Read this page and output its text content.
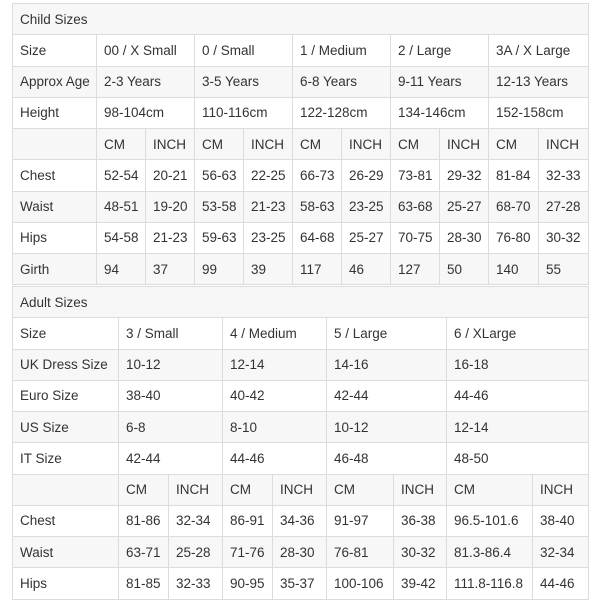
Child Sizes										
Size	00 / X Small		0 / Small		1 / Medium		2 / Large		3A / X Large	
Approx Age	2-3 Years		3-5 Years		6-8 Years		9-11 Years		12-13 Years	
Height	98-104cm		110-116cm		122-128cm		134-146cm		152-158cm	
	CM	INCH	CM	INCH	CM	INCH	CM	INCH	CM	INCH
Chest	52-54	20-21	56-63	22-25	66-73	26-29	73-81	29-32	81-84	32-33
Waist	48-51	19-20	53-58	21-23	58-63	23-25	63-68	25-27	68-70	27-28
Hips	54-58	21-23	59-63	23-25	64-68	25-27	70-75	28-30	76-80	30-32
Girth	94	37	99	39	117	46	127	50	140	55
Adult Sizes								
Size	3 / Small		4 / Medium		5 / Large		6 / XLarge	
UK Dress Size	10-12		12-14		14-16		16-18	
Euro Size	38-40		40-42		42-44		44-46	
US Size	6-8		8-10		10-12		12-14	
IT Size	42-44		44-46		46-48		48-50	
	CM	INCH	CM	INCH	CM	INCH	CM	INCH
Chest	81-86	32-34	86-91	34-36	91-97	36-38	96.5-101.6	38-40
Waist	63-71	25-28	71-76	28-30	76-81	30-32	81.3-86.4	32-34
Hips	81-85	32-33	90-95	35-37	100-106	39-42	111.8-116.8	44-46
